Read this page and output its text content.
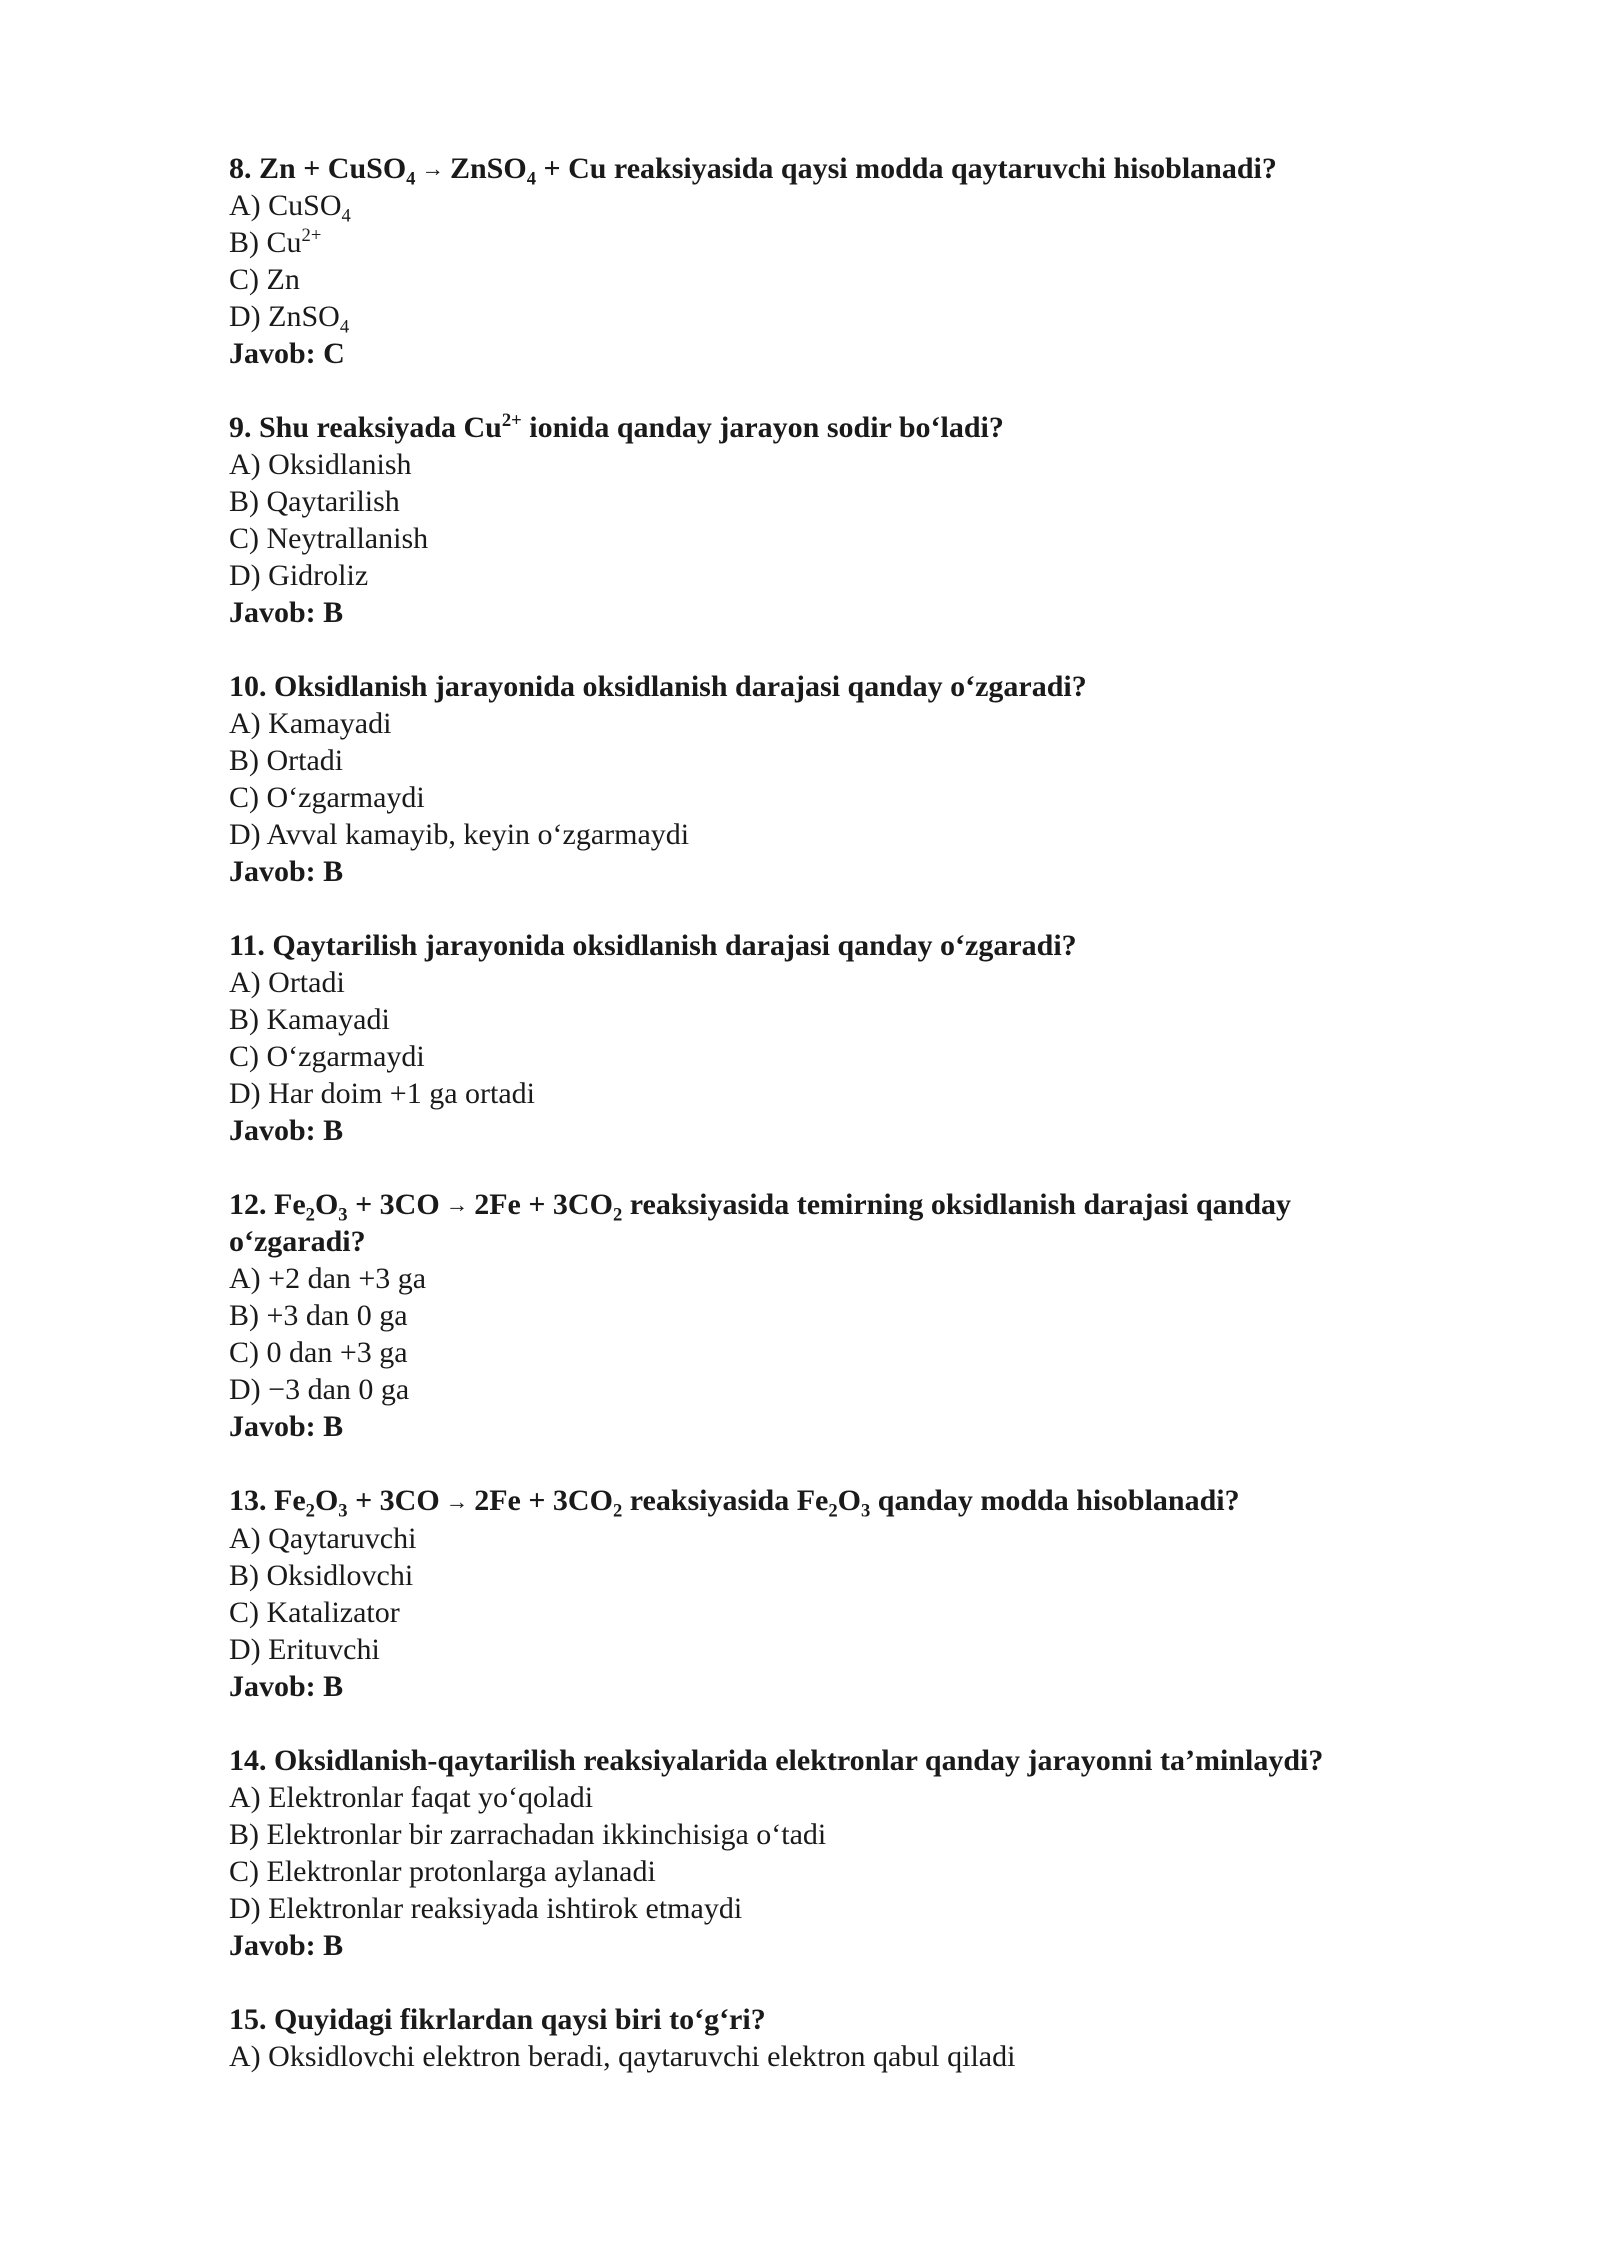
8. Zn + CuSO$_4$ → ZnSO$_4$ + Cu reaksiyasida qaysi modda qaytaruvchi hisoblanadi?
A) CuSO$_4$
B) $Cu^{2+}$
C) Zn
D) ZnSO$_4$
Javob: C
9. Shu reaksiyada $Cu^{2+}$ ionida qanday jarayon sodir bo‘ladi?
A) Oksidlanish
B) Qaytarilish
C) Neytrallanish
D) Gidroliz
Javob: B
10. Oksidlanish jarayonida oksidlanish darajasi qanday o‘zgaradi?
A) Kamayadi
B) Ortadi
C) O‘zgarmaydi
D) Avval kamayib, keyin o‘zgarmaydi
Javob: B
11. Qaytarilish jarayonida oksidlanish darajasi qanday o‘zgaradi?
A) Ortadi
B) Kamayadi
C) O‘zgarmaydi
D) Har doim +1 ga ortadi
Javob: B
12. $Fe_2O_3 + 3CO \to 2Fe + 3CO_2$ reaksiyasida temirning oksidlanish darajasi qanday o‘zgaradi?
A) +2 dan +3 ga
B) +3 dan 0 ga
C) 0 dan +3 ga
D) −3 dan 0 ga
Javob: B
13. $Fe_2O_3 + 3CO \to 2Fe + 3CO_2$ reaksiyasida $Fe_2O_3$ qanday modda hisoblanadi?
A) Qaytaruvchi
B) Oksidlovchi
C) Katalizator
D) Erituvchi
Javob: B
14. Oksidlanish-qaytarilish reaksiyalarida elektronlar qanday jarayonni ta’minlaydi?
A) Elektronlar faqat yo‘qoladi
B) Elektronlar bir zarrachadan ikkinchisiga o‘tadi
C) Elektronlar protonlarga aylanadi
D) Elektronlar reaksiyada ishtirok etmaydi
Javob: B
15. Quyidagi fikrlardan qaysi biri to‘g‘ri?
A) Oksidlovchi elektron beradi, qaytaruvchi elektron qabul qiladi
